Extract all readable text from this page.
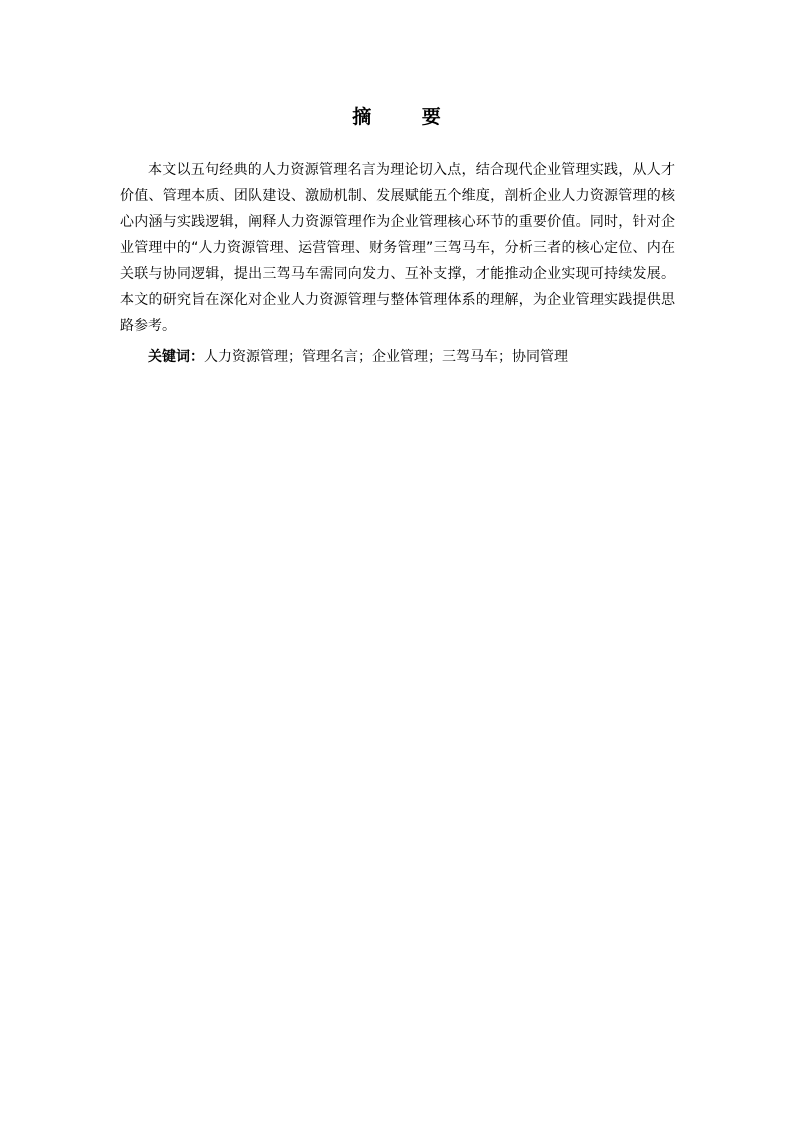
摘 要

本文以五句经典的人力资源管理名言为理论切入点，结合现代企业管理实践，从人才价值、管理本质、团队建设、激励机制、发展赋能五个维度，剖析企业人力资源管理的核心内涵与实践逻辑，阐释人力资源管理作为企业管理核心环节的重要价值。同时，针对企业管理中的“人力资源管理、运营管理、财务管理”三驾马车，分析三者的核心定位、内在关联与协同逻辑，提出三驾马车需同向发力、互补支撑，才能推动企业实现可持续发展。本文的研究旨在深化对企业人力资源管理与整体管理体系的理解，为企业管理实践提供思路参考。

关键词：人力资源管理；管理名言；企业管理；三驾马车；协同管理
